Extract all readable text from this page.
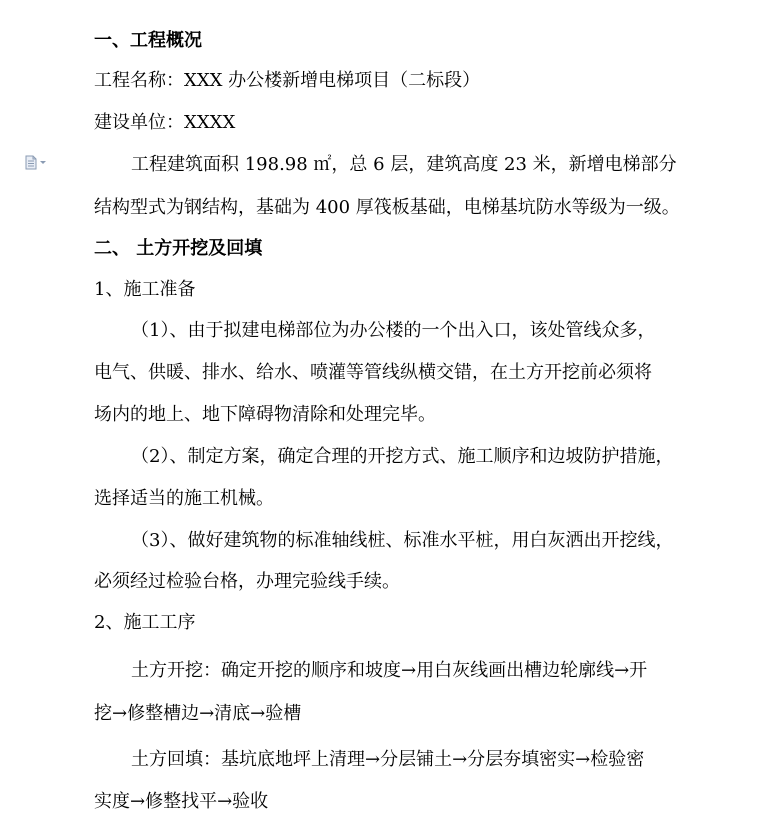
一、工程概况
工程名称：XXX 办公楼新增电梯项目（二标段）
建设单位：XXXX
工程建筑面积 198.98 ㎡，总 6 层，建筑高度 23 米，新增电梯部分
结构型式为钢结构，基础为 400 厚筏板基础，电梯基坑防水等级为一级。
二、 土方开挖及回填
1、施工准备
（1）、由于拟建电梯部位为办公楼的一个出入口，该处管线众多，
电气、供暖、排水、给水、喷灌等管线纵横交错，在土方开挖前必须将
场内的地上、地下障碍物清除和处理完毕。
（2）、制定方案，确定合理的开挖方式、施工顺序和边坡防护措施，
选择适当的施工机械。
（3）、做好建筑物的标准轴线桩、标准水平桩，用白灰洒出开挖线，
必须经过检验台格，办理完验线手续。
2、施工工序
土方开挖：确定开挖的顺序和坡度→用白灰线画出槽边轮廓线→开
挖→修整槽边→清底→验槽
土方回填：基坑底地坪上清理→分层铺土→分层夯填密实→检验密
实度→修整找平→验收
